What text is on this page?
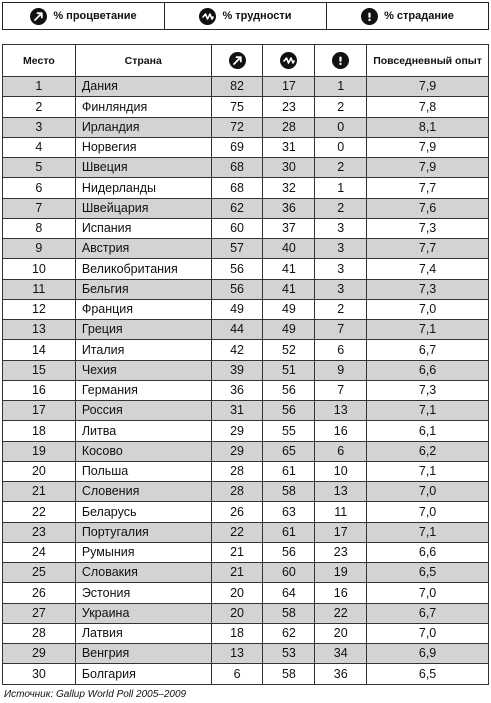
% процветание	% трудности	% страдание
Место	Страна				Повседневный опыт
1	Дания	82	17	1	7,9
2	Финляндия	75	23	2	7,8
3	Ирландия	72	28	0	8,1
4	Норвегия	69	31	0	7,9
5	Швеция	68	30	2	7,9
6	Нидерланды	68	32	1	7,7
7	Швейцария	62	36	2	7,6
8	Испания	60	37	3	7,3
9	Австрия	57	40	3	7,7
10	Великобритания	56	41	3	7,4
11	Бельгия	56	41	3	7,3
12	Франция	49	49	2	7,0
13	Греция	44	49	7	7,1
14	Италия	42	52	6	6,7
15	Чехия	39	51	9	6,6
16	Германия	36	56	7	7,3
17	Россия	31	56	13	7,1
18	Литва	29	55	16	6,1
19	Косово	29	65	6	6,2
20	Польша	28	61	10	7,1
21	Словения	28	58	13	7,0
22	Беларусь	26	63	11	7,0
23	Португалия	22	61	17	7,1
24	Румыния	21	56	23	6,6
25	Словакия	21	60	19	6,5
26	Эстония	20	64	16	7,0
27	Украина	20	58	22	6,7
28	Латвия	18	62	20	7,0
29	Венгрия	13	53	34	6,9
30	Болгария	6	58	36	6,5
Источник: Gallup World Poll 2005–2009
